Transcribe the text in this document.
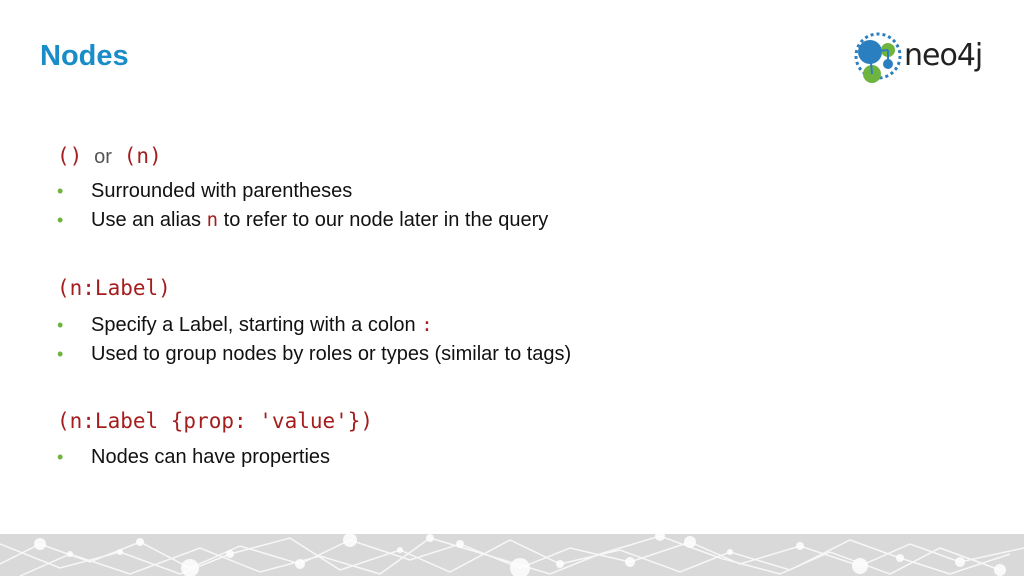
Nodes	neo4j
() or (n)
• Surrounded with parentheses
• Use an alias n to refer to our node later in the query
(n:Label)
• Specify a Label, starting with a colon :
• Used to group nodes by roles or types (similar to tags)
(n:Label {prop: 'value'})
• Nodes can have properties
